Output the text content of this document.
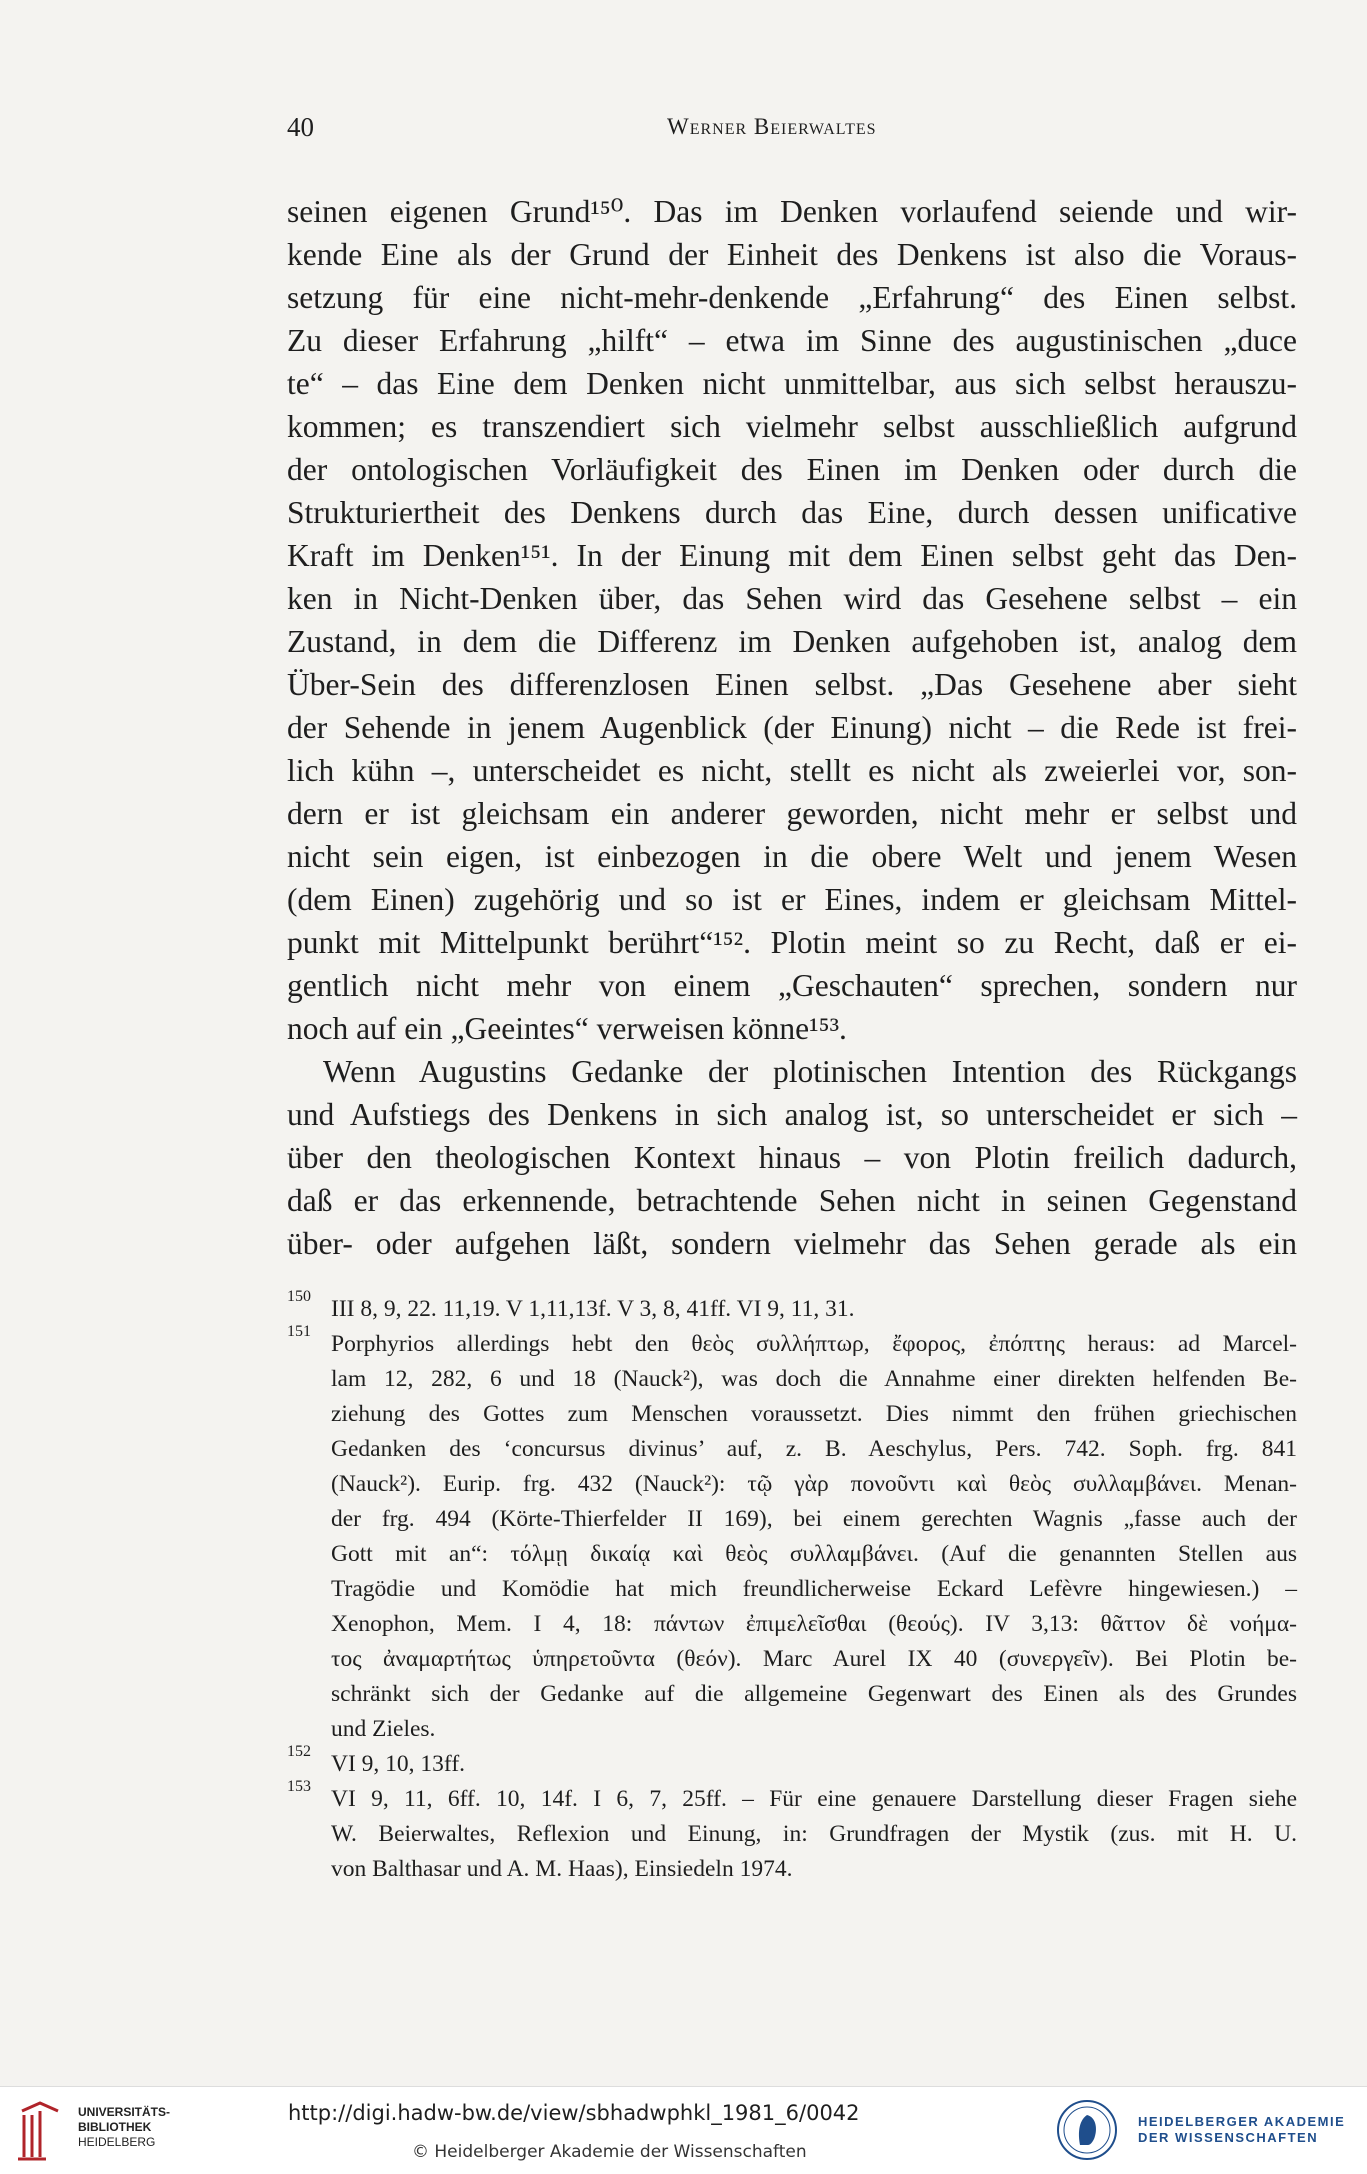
40	Werner Beierwaltes
seinen eigenen Grund¹⁵⁰. Das im Denken vorlaufend seiende und wir-
kende Eine als der Grund der Einheit des Denkens ist also die Voraus-
setzung für eine nicht-mehr-denkende „Erfahrung“ des Einen selbst.
Zu dieser Erfahrung „hilft“ – etwa im Sinne des augustinischen „duce
te“ – das Eine dem Denken nicht unmittelbar, aus sich selbst herauszu-
kommen; es transzendiert sich vielmehr selbst ausschließlich aufgrund
der ontologischen Vorläufigkeit des Einen im Denken oder durch die
Strukturiertheit des Denkens durch das Eine, durch dessen unificative
Kraft im Denken¹⁵¹. In der Einung mit dem Einen selbst geht das Den-
ken in Nicht-Denken über, das Sehen wird das Gesehene selbst – ein
Zustand, in dem die Differenz im Denken aufgehoben ist, analog dem
Über-Sein des differenzlosen Einen selbst. „Das Gesehene aber sieht
der Sehende in jenem Augenblick (der Einung) nicht – die Rede ist frei-
lich kühn –, unterscheidet es nicht, stellt es nicht als zweierlei vor, son-
dern er ist gleichsam ein anderer geworden, nicht mehr er selbst und
nicht sein eigen, ist einbezogen in die obere Welt und jenem Wesen
(dem Einen) zugehörig und so ist er Eines, indem er gleichsam Mittel-
punkt mit Mittelpunkt berührt“¹⁵². Plotin meint so zu Recht, daß er ei-
gentlich nicht mehr von einem „Geschauten“ sprechen, sondern nur
noch auf ein „Geeintes“ verweisen könne¹⁵³.
Wenn Augustins Gedanke der plotinischen Intention des Rückgangs
und Aufstiegs des Denkens in sich analog ist, so unterscheidet er sich –
über den theologischen Kontext hinaus – von Plotin freilich dadurch,
daß er das erkennende, betrachtende Sehen nicht in seinen Gegenstand
über- oder aufgehen läßt, sondern vielmehr das Sehen gerade als ein
150 III 8, 9, 22. 11,19. V 1,11,13f. V 3, 8, 41ff. VI 9, 11, 31.
151 Porphyrios allerdings hebt den θεὸς συλλήπτωρ, ἔφορος, ἐπόπτης heraus: ad Marcel-
lam 12, 282, 6 und 18 (Nauck²), was doch die Annahme einer direkten helfenden Be-
ziehung des Gottes zum Menschen voraussetzt. Dies nimmt den frühen griechischen
Gedanken des ‘concursus divinus’ auf, z. B. Aeschylus, Pers. 742. Soph. frg. 841
(Nauck²). Eurip. frg. 432 (Nauck²): τῷ γὰρ πονοῦντι καὶ θεὸς συλλαμβάνει. Menan-
der frg. 494 (Körte-Thierfelder II 169), bei einem gerechten Wagnis „fasse auch der
Gott mit an“: τόλμῃ δικαίᾳ καὶ θεὸς συλλαμβάνει. (Auf die genannten Stellen aus
Tragödie und Komödie hat mich freundlicherweise Eckard Lefèvre hingewiesen.) –
Xenophon, Mem. I 4, 18: πάντων ἐπιμελεῖσθαι (θεούς). IV 3,13: θᾶττον δὲ νοήμα-
τος ἀναμαρτήτως ὑπηρετοῦντα (θεόν). Marc Aurel IX 40 (συνεργεῖν). Bei Plotin be-
schränkt sich der Gedanke auf die allgemeine Gegenwart des Einen als des Grundes
und Zieles.
152 VI 9, 10, 13ff.
153 VI 9, 11, 6ff. 10, 14f. I 6, 7, 25ff. – Für eine genauere Darstellung dieser Fragen siehe
W. Beierwaltes, Reflexion und Einung, in: Grundfragen der Mystik (zus. mit H. U.
von Balthasar und A. M. Haas), Einsiedeln 1974.
UNIVERSITÄTS-
BIBLIOTHEK
HEIDELBERG
http://digi.hadw-bw.de/view/sbhadwphkl_1981_6/0042
© Heidelberger Akademie der Wissenschaften
HEIDELBERGER AKADEMIE
DER WISSENSCHAFTEN
